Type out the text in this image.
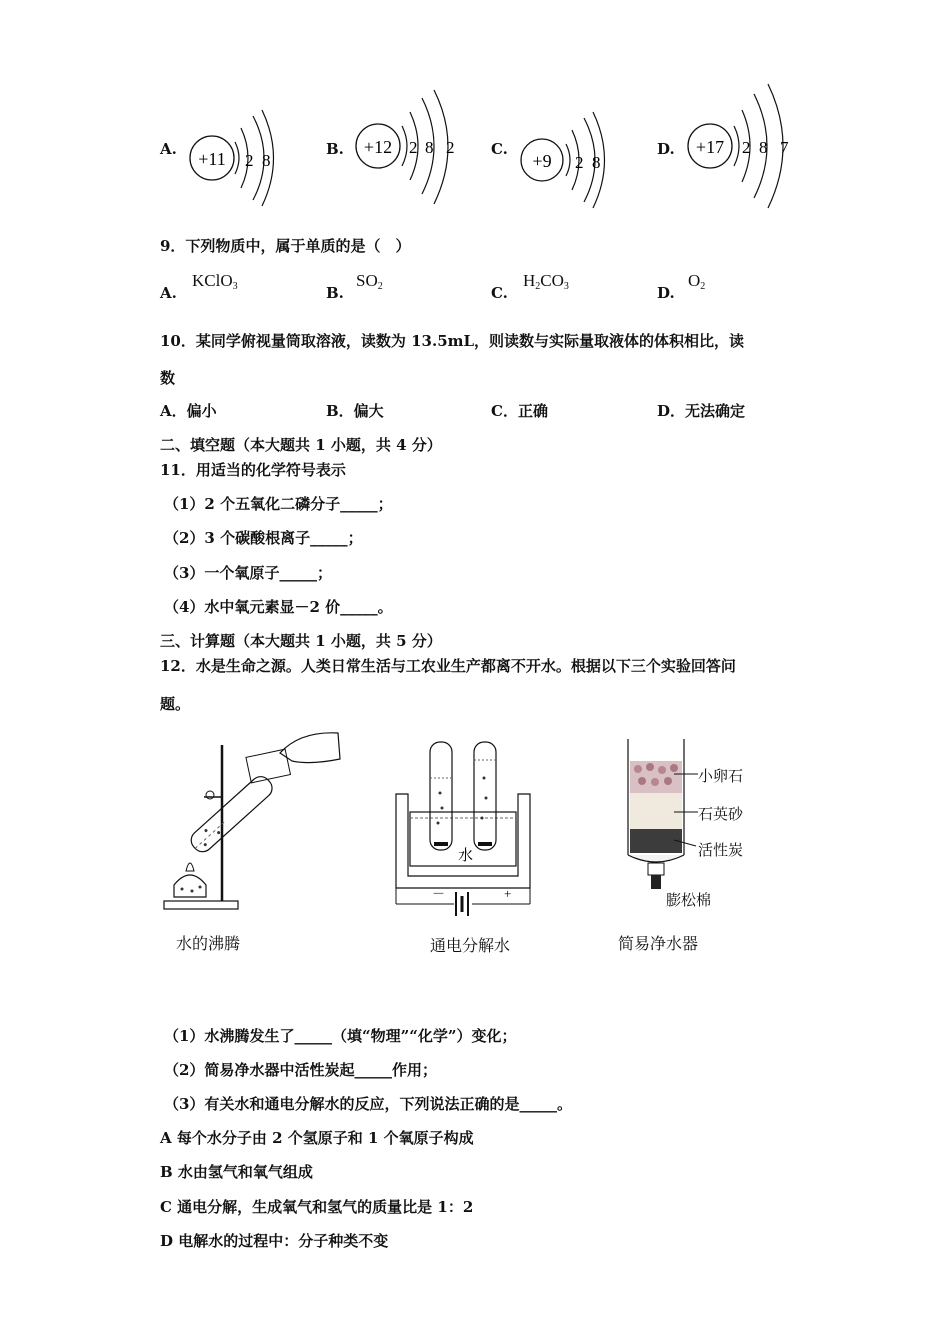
A. +11 2 8
B. +12 2 8 2 C.
+9 2 8
D. +17 2 8 7
9．下列物质中，属于单质的是（　）
A.
KClO$_3$	B.
$SO_2$	C.
$H_2CO_3$	D.
$O_2$
10．某同学俯视量筒取溶液，读数为 13.5mL，则读数与实际量取液体的体积相比，读
数
A．偏小	B．偏大	C．正确	D．无法确定
二、填空题（本大题共 1 小题，共 4 分）
11．用适当的化学符号表示
（1）2 个五氧化二磷分子_____；
（2）3 个碳酸根离子_____；
（3）一个氧原子_____；
（4）水中氧元素显－2 价_____。
三、计算题（本大题共 1 小题，共 5 分）
12．水是生命之源。人类日常生活与工农业生产都离不开水。根据以下三个实验回答问
题。
水的沸腾
水
－	+
通电分解水
小卵石
石英砂
活性炭
膨松棉
简易净水器
（1）水沸腾发生了_____（填“物理”“化学”）变化；
（2）简易净水器中活性炭起_____作用；
（3）有关水和通电分解水的反应，下列说法正确的是_____。
A 每个水分子由 2 个氢原子和 1 个氧原子构成
B 水由氢气和氧气组成
C 通电分解，生成氧气和氢气的质量比是 1：2
D 电解水的过程中：分子种类不变
